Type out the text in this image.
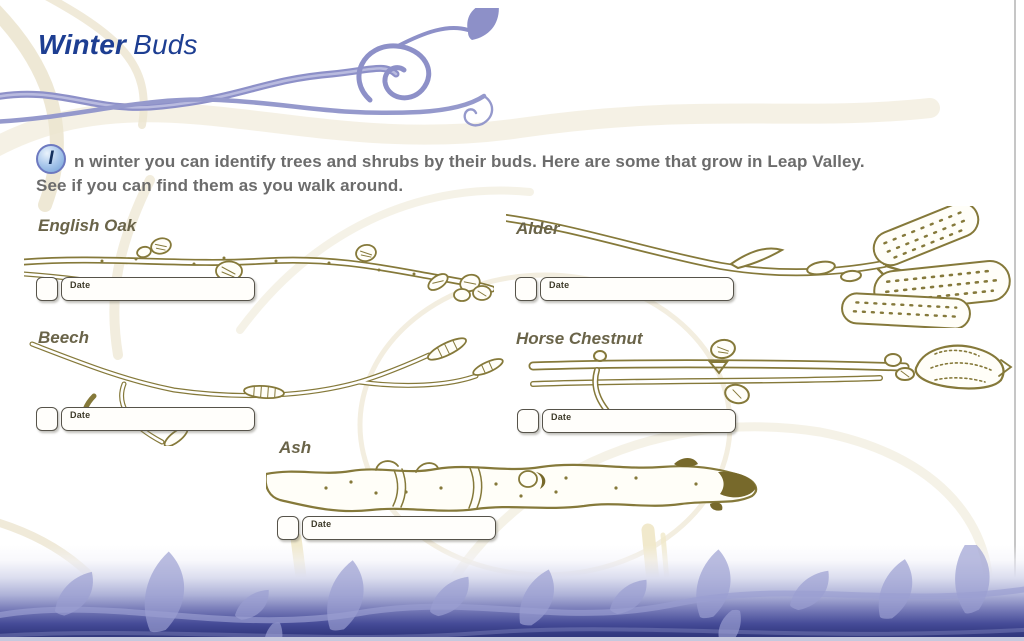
Winter Buds
I n winter you can identify trees and shrubs by their buds. Here are some that grow in Leap Valley.
See if you can find them as you walk around.
English Oak
Date
Alder
Date
Beech
Date
Horse Chestnut
Date
Ash
Date
